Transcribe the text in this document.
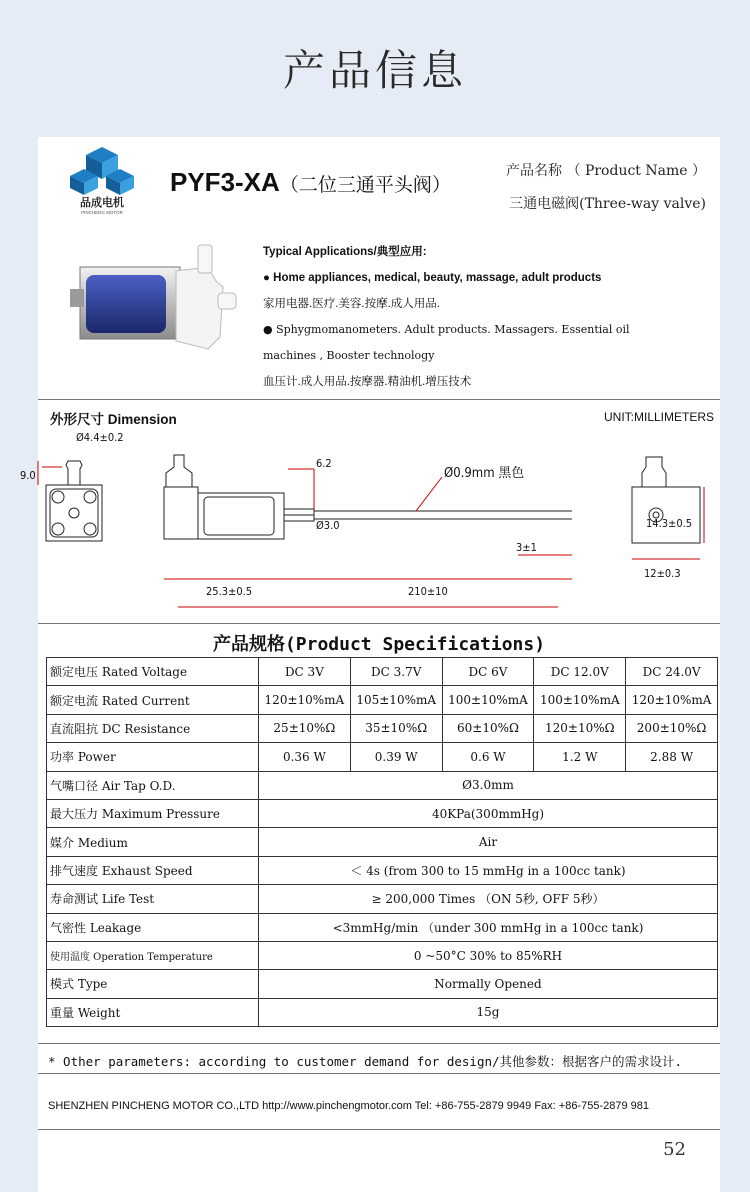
产品信息
品成电机
PINCHENG MOTOR
PYF3-XA（二位三通平头阀）
产品名称 （ Product Name ）
三通电磁阀(Three-way valve)
Typical Applications/典型应用:
● Home appliances, medical, beauty, massage, adult products
家用电器.医疗.美容.按摩.成人用品.
● Sphygmomanometers. Adult products. Massagers. Essential oil
machines , Booster technology
血压计.成人用品.按摩器.精油机.增压技术
外形尺寸 Dimension	UNIT:MILLIMETERS
Ø4.4±0.2
9.0
6.2
Ø3.0
Ø0.9mm 黑色
3±1
25.3±0.5	210±10
14.3±0.5
12±0.3
产品规格(Product Specifications)
额定电压 Rated Voltage	DC 3V	DC 3.7V	DC 6V	DC 12.0V	DC 24.0V
额定电流 Rated Current	120±10%mA	105±10%mA	100±10%mA	100±10%mA	120±10%mA
直流阻抗 DC Resistance	25±10%Ω	35±10%Ω	60±10%Ω	120±10%Ω	200±10%Ω
功率 Power	0.36 W	0.39 W	0.6 W	1.2 W	2.88 W
气嘴口径 Air Tap O.D.	Ø3.0mm				
最大压力 Maximum Pressure	40KPa(300mmHg)				
媒介 Medium	Air				
排气速度 Exhaust Speed	＜ 4s (from 300 to 15 mmHg in a 100cc tank)				
寿命测试 Life Test	≥ 200,000 Times （ON 5秒, OFF 5秒）				
气密性 Leakage	<3mmHg/min （under 300 mmHg in a 100cc tank)				
使用温度 Operation Temperature	0 ~50°C 30% to 85%RH				
模式 Type	Normally Opened				
重量 Weight	15g				
* Other parameters: according to customer demand for design/其他参数：根据客户的需求设计.
SHENZHEN PINCHENG MOTOR CO.,LTD http://www.pinchengmotor.com Tel: +86-755-2879 9949 Fax: +86-755-2879 981
52
